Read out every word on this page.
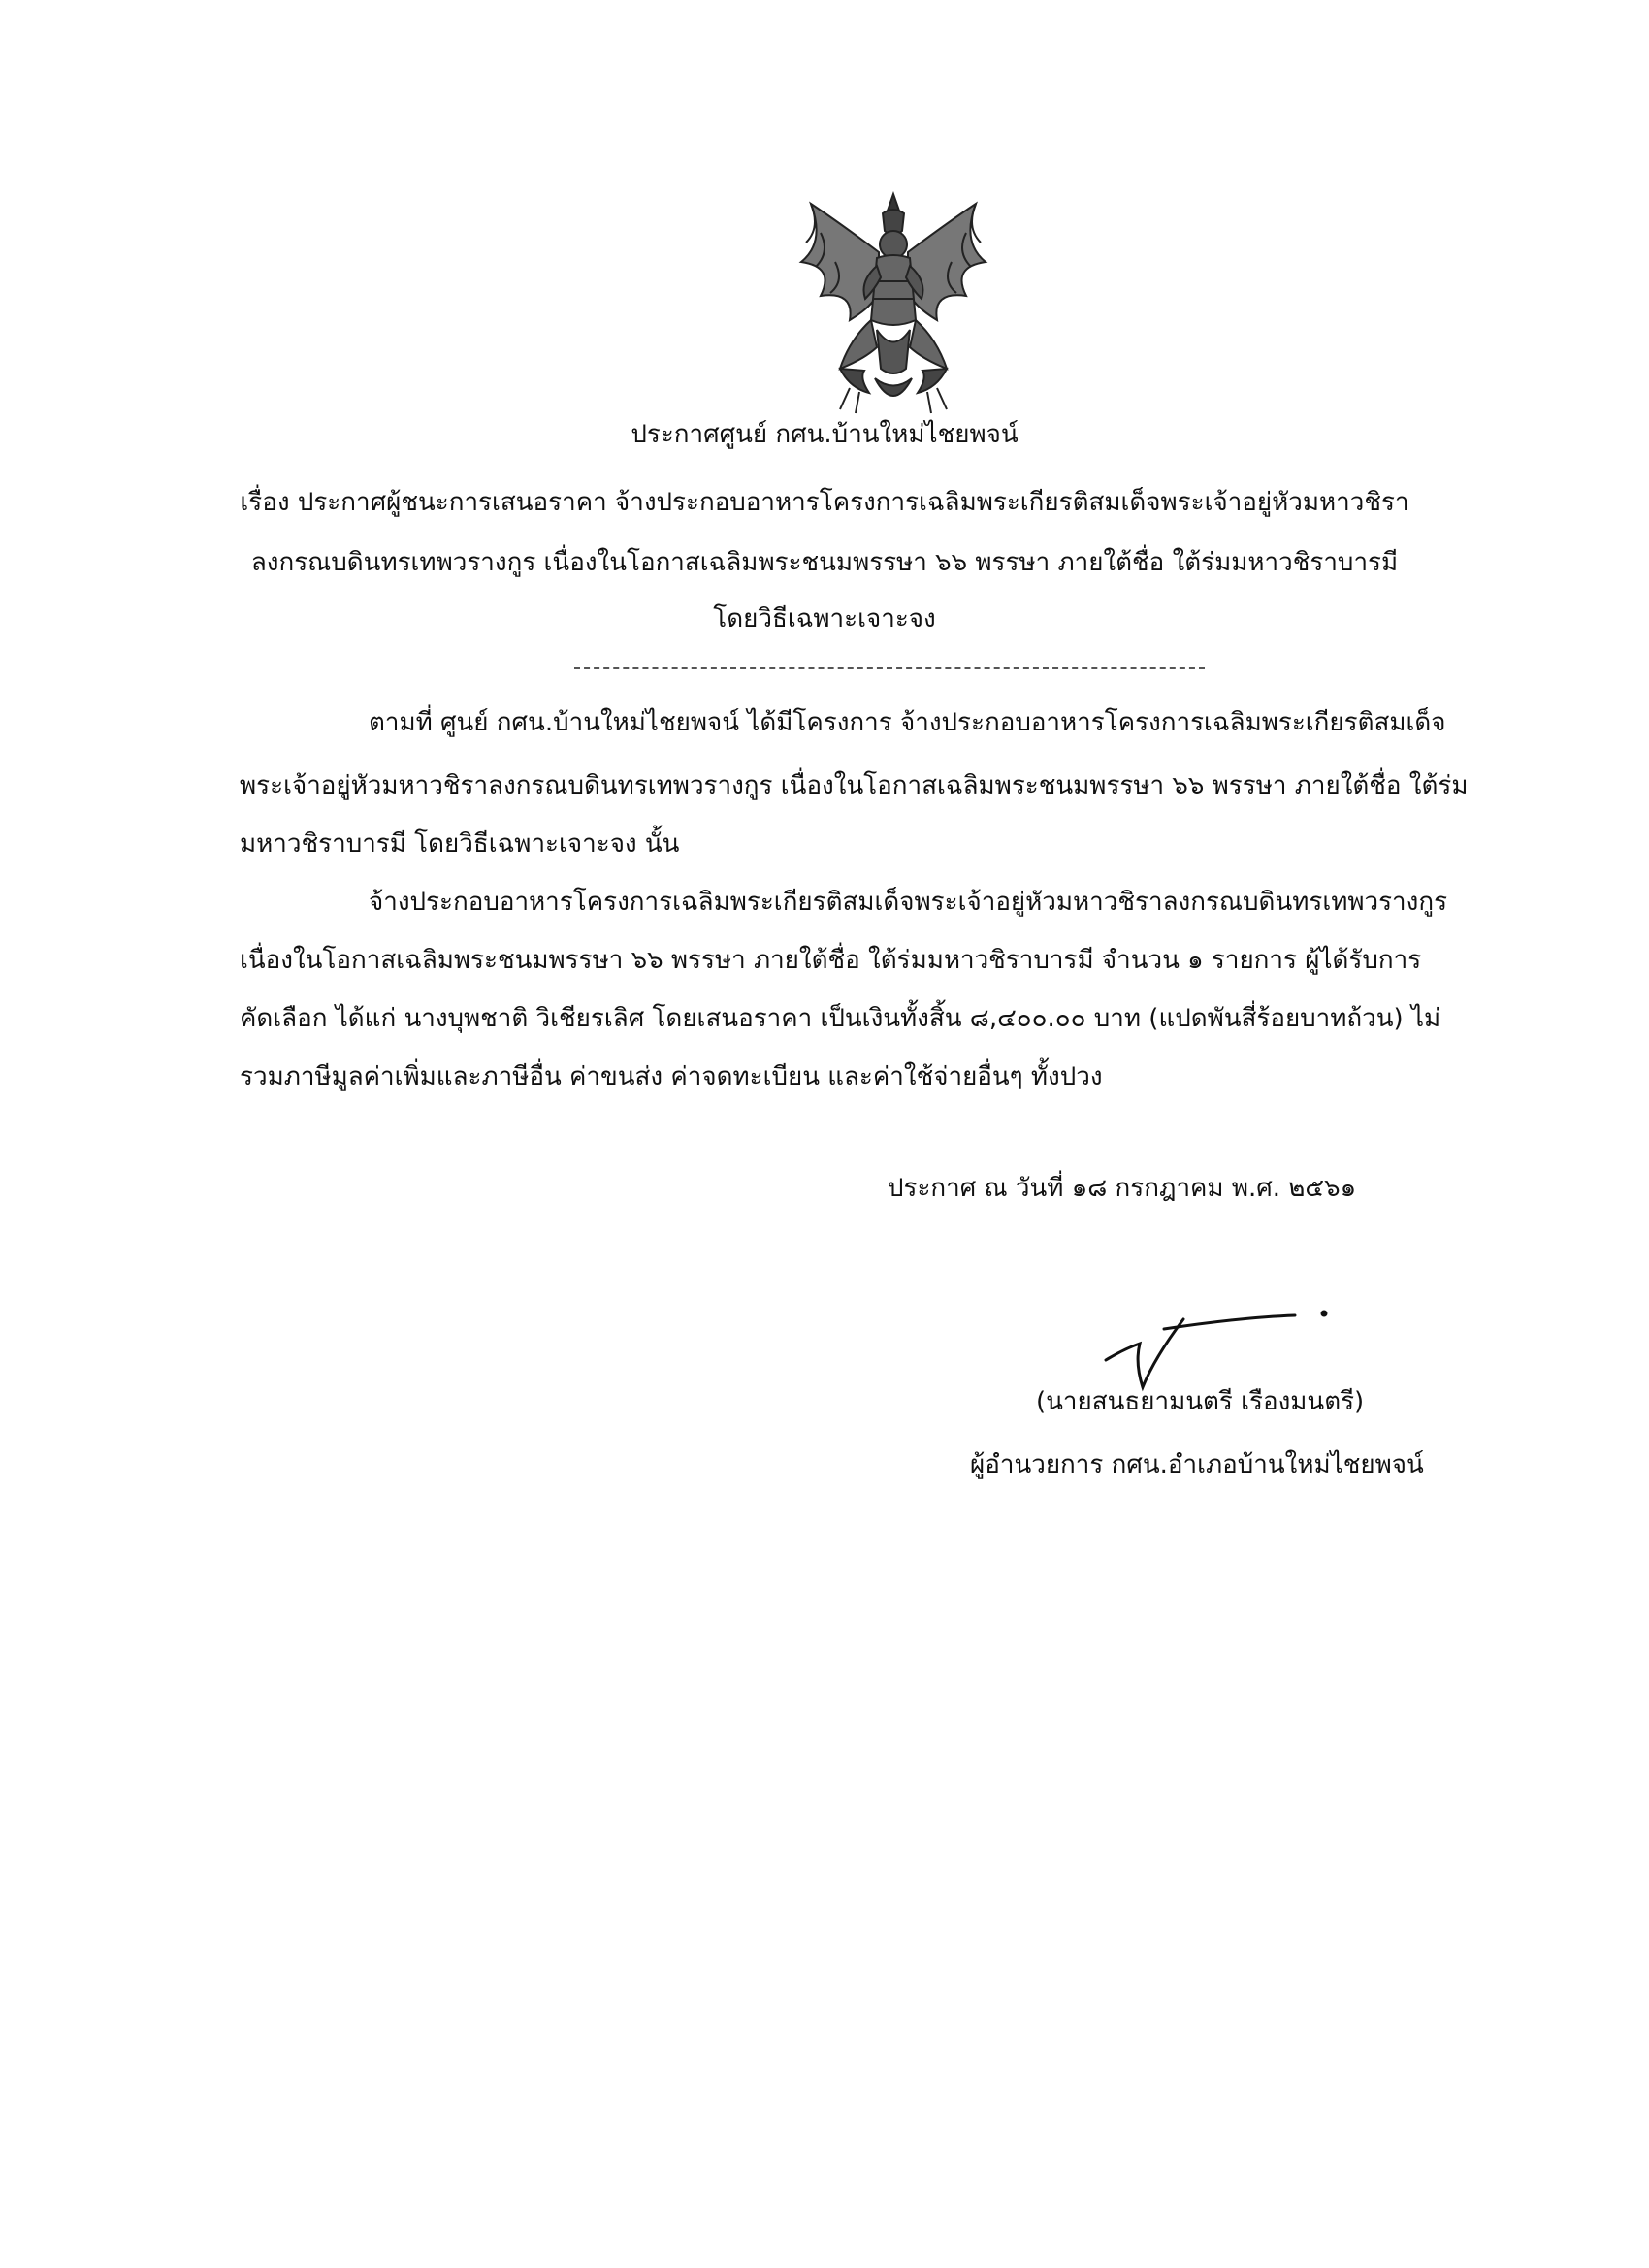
ประกาศศูนย์ กศน.บ้านใหม่ไชยพจน์
เรื่อง ประกาศผู้ชนะการเสนอราคา จ้างประกอบอาหารโครงการเฉลิมพระเกียรติสมเด็จพระเจ้าอยู่หัวมหาวชิรา
ลงกรณบดินทรเทพวรางกูร เนื่องในโอกาสเฉลิมพระชนมพรรษา ๖๖ พรรษา ภายใต้ชื่อ ใต้ร่มมหาวชิราบารมี
โดยวิธีเฉพาะเจาะจง
ตามที่ ศูนย์ กศน.บ้านใหม่ไชยพจน์ ได้มีโครงการ จ้างประกอบอาหารโครงการเฉลิมพระเกียรติสมเด็จ
พระเจ้าอยู่หัวมหาวชิราลงกรณบดินทรเทพวรางกูร เนื่องในโอกาสเฉลิมพระชนมพรรษา ๖๖ พรรษา ภายใต้ชื่อ ใต้ร่ม
มหาวชิราบารมี โดยวิธีเฉพาะเจาะจง นั้น
จ้างประกอบอาหารโครงการเฉลิมพระเกียรติสมเด็จพระเจ้าอยู่หัวมหาวชิราลงกรณบดินทรเทพวรางกูร
เนื่องในโอกาสเฉลิมพระชนมพรรษา ๖๖ พรรษา ภายใต้ชื่อ ใต้ร่มมหาวชิราบารมี จำนวน ๑ รายการ ผู้ได้รับการ
คัดเลือก ได้แก่ นางบุพชาติ วิเชียรเลิศ โดยเสนอราคา เป็นเงินทั้งสิ้น ๘,๔๐๐.๐๐ บาท (แปดพันสี่ร้อยบาทถ้วน) ไม่
รวมภาษีมูลค่าเพิ่มและภาษีอื่น ค่าขนส่ง ค่าจดทะเบียน และค่าใช้จ่ายอื่นๆ ทั้งปวง
ประกาศ ณ วันที่ ๑๘ กรกฎาคม พ.ศ. ๒๕๖๑
(นายสนธยามนตรี เรืองมนตรี)
ผู้อำนวยการ กศน.อำเภอบ้านใหม่ไชยพจน์
